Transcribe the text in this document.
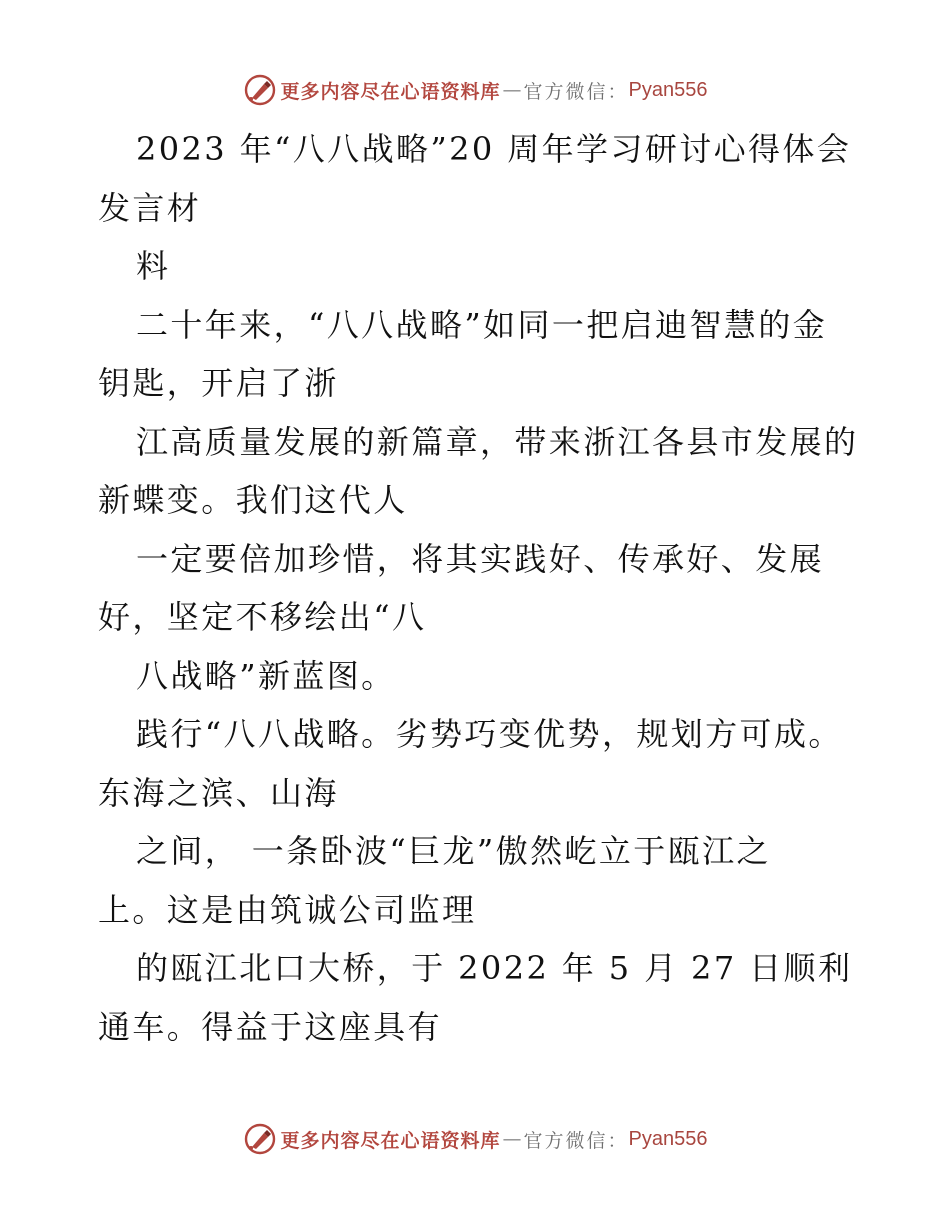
更多内容尽在心语资料库 — 官方微信： Pyan556

2023 年“八八战略”20 周年学习研讨心得体会

发言材

料

二十年来，“八八战略”如同一把启迪智慧的金

钥匙，开启了浙

江高质量发展的新篇章，带来浙江各县市发展的

新蝶变。我们这代人

一定要倍加珍惜，将其实践好、传承好、发展

好，坚定不移绘出“八

八战略”新蓝图。

践行“八八战略。劣势巧变优势，规划方可成。

东海之滨、山海

之间， 一条卧波“巨龙”傲然屹立于瓯江之

上。这是由筑诚公司监理

的瓯江北口大桥，于 2022 年 5 月 27 日顺利

通车。得益于这座具有

更多内容尽在心语资料库 — 官方微信： Pyan556
